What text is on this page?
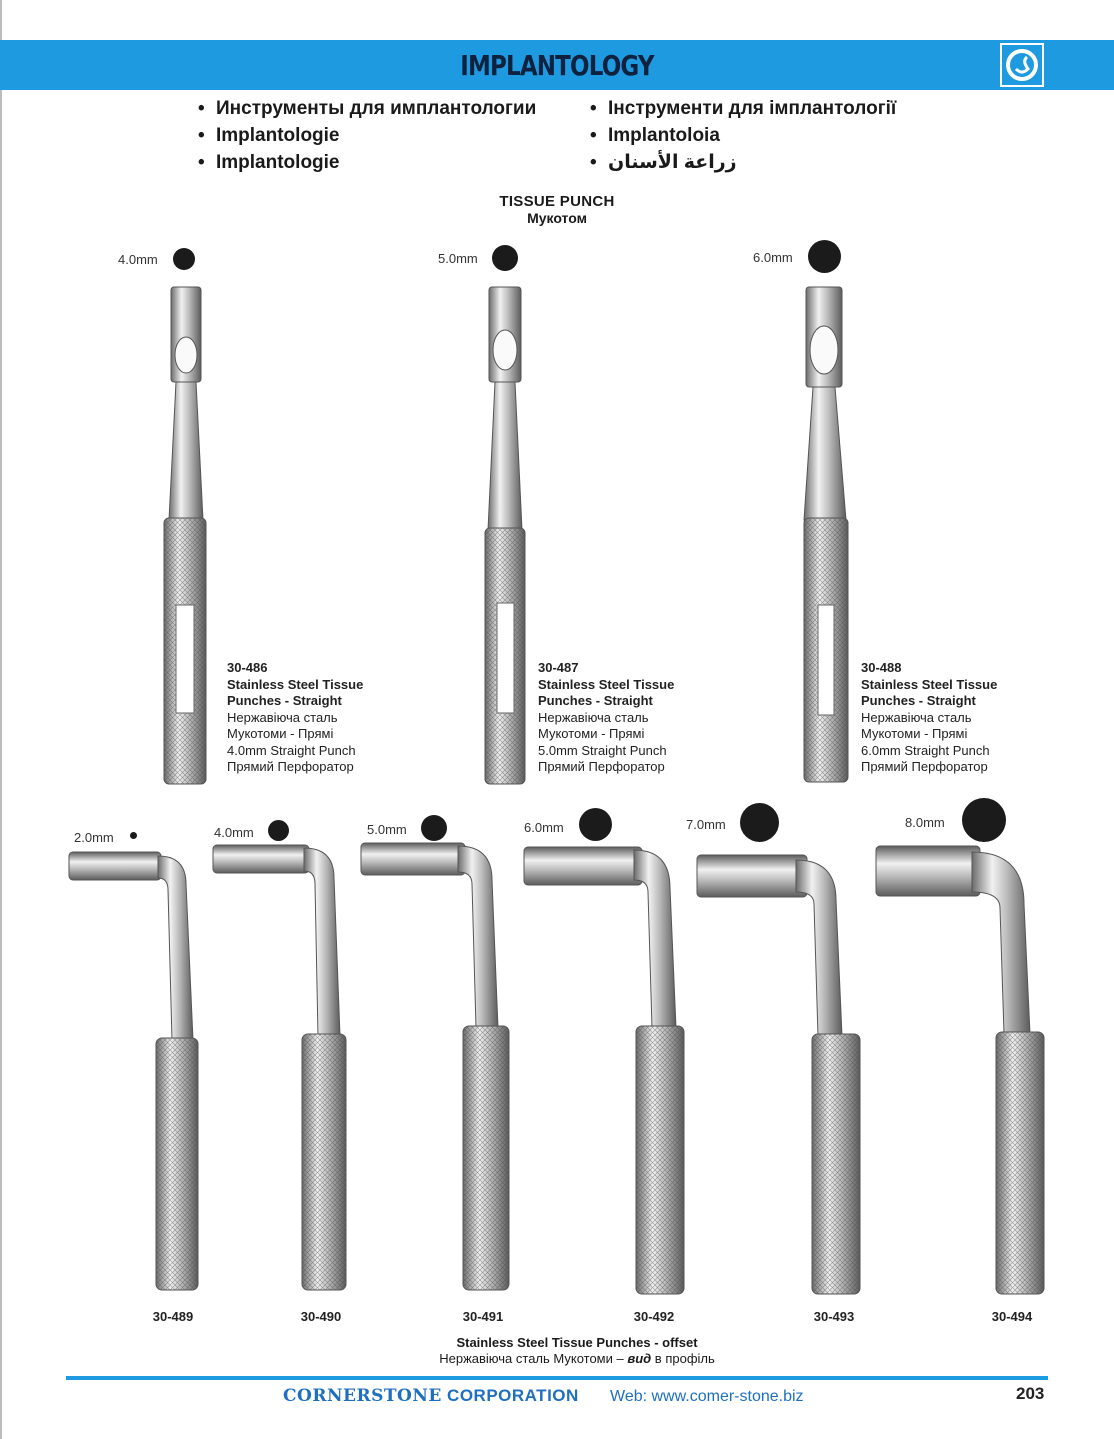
IMPLANTOLOGY
• Инструменты для имплантологии
• Implantologie
• Implantologie
• Інструменти для імплантології
• Implantoloia
• زراعة الأسنان
TISSUE PUNCH
Мукотом
4.0mm	5.0mm	6.0mm
30-486
Stainless Steel Tissue
Punches - Straight
Нержавіюча сталь
Мукотоми - Прямі
4.0mm Straight Punch
Прямий Перфоратор
30-487
Stainless Steel Tissue
Punches - Straight
Нержавіюча сталь
Мукотоми - Прямі
5.0mm Straight Punch
Прямий Перфоратор
30-488
Stainless Steel Tissue
Punches - Straight
Нержавіюча сталь
Мукотоми - Прямі
6.0mm Straight Punch
Прямий Перфоратор
2.0mm	4.0mm	5.0mm	6.0mm	7.0mm	8.0mm
30-489	30-490	30-491	30-492	30-493	30-494
Stainless Steel Tissue Punches - offset
Нержавіюча сталь Мукотоми – вид в профіль
CORNERSTONE CORPORATION Web: www.comer-stone.biz	203
